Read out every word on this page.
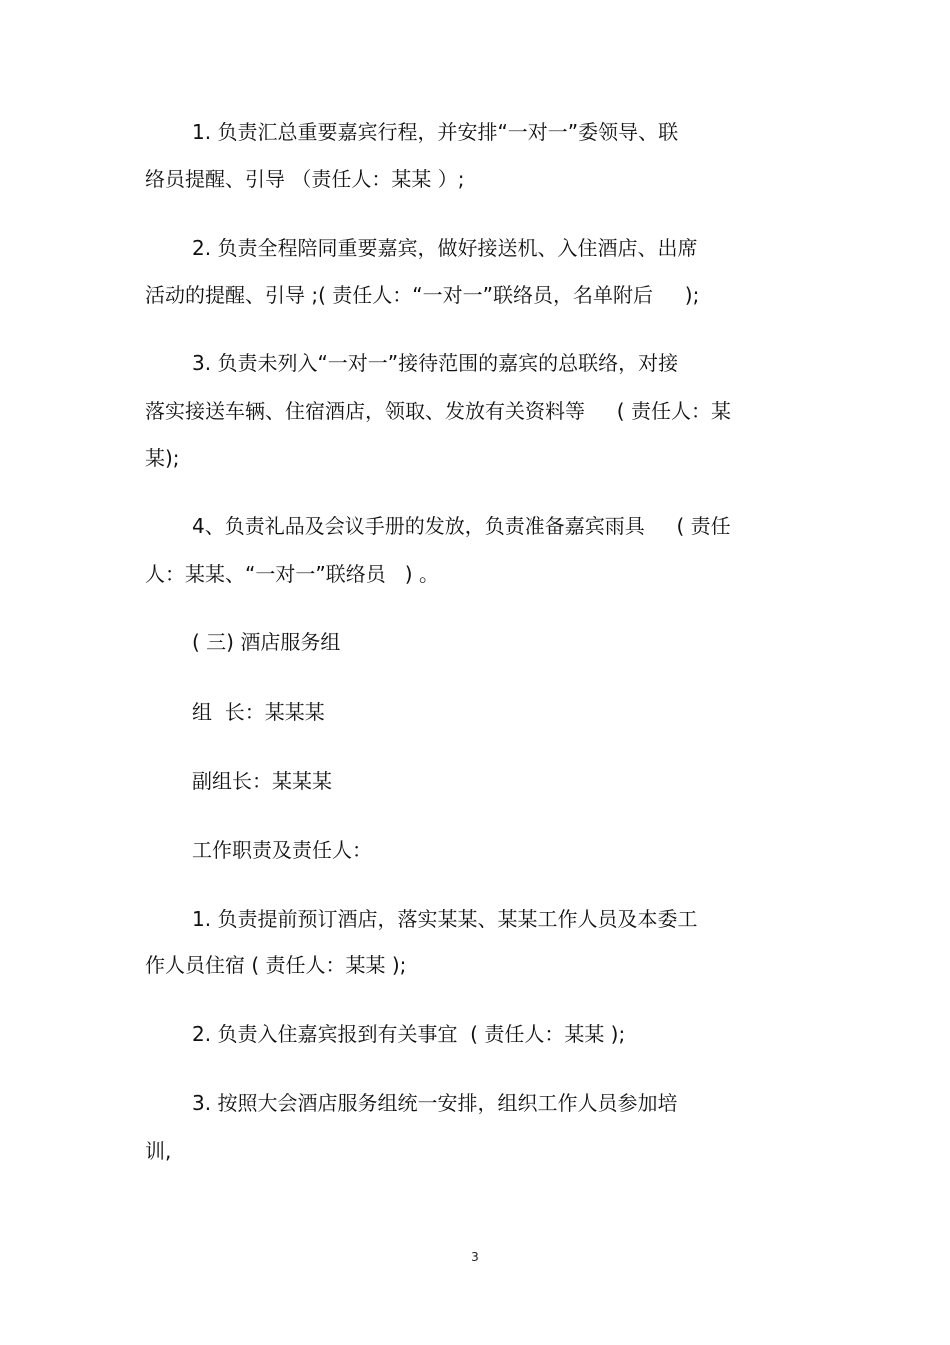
1. 负责汇总重要嘉宾行程，并安排“一对一”委领导、联
络员提醒、引导 （责任人：某某 ）;
2. 负责全程陪同重要嘉宾，做好接送机、入住酒店、出席
活动的提醒、引导 ;( 责任人：“一对一”联络员，名单附后     );
3. 负责未列入“一对一”接待范围的嘉宾的总联络，对接
落实接送车辆、住宿酒店，领取、发放有关资料等     ( 责任人：某
某);
4、负责礼品及会议手册的发放，负责准备嘉宾雨具     ( 责任
人：某某、“一对一”联络员   ) 。
( 三) 酒店服务组
组  长：某某某
副组长：某某某
工作职责及责任人：
1. 负责提前预订酒店，落实某某、某某工作人员及本委工
作人员住宿 ( 责任人：某某 );
2. 负责入住嘉宾报到有关事宜  ( 责任人：某某 );
3. 按照大会酒店服务组统一安排，组织工作人员参加培
训,
3
